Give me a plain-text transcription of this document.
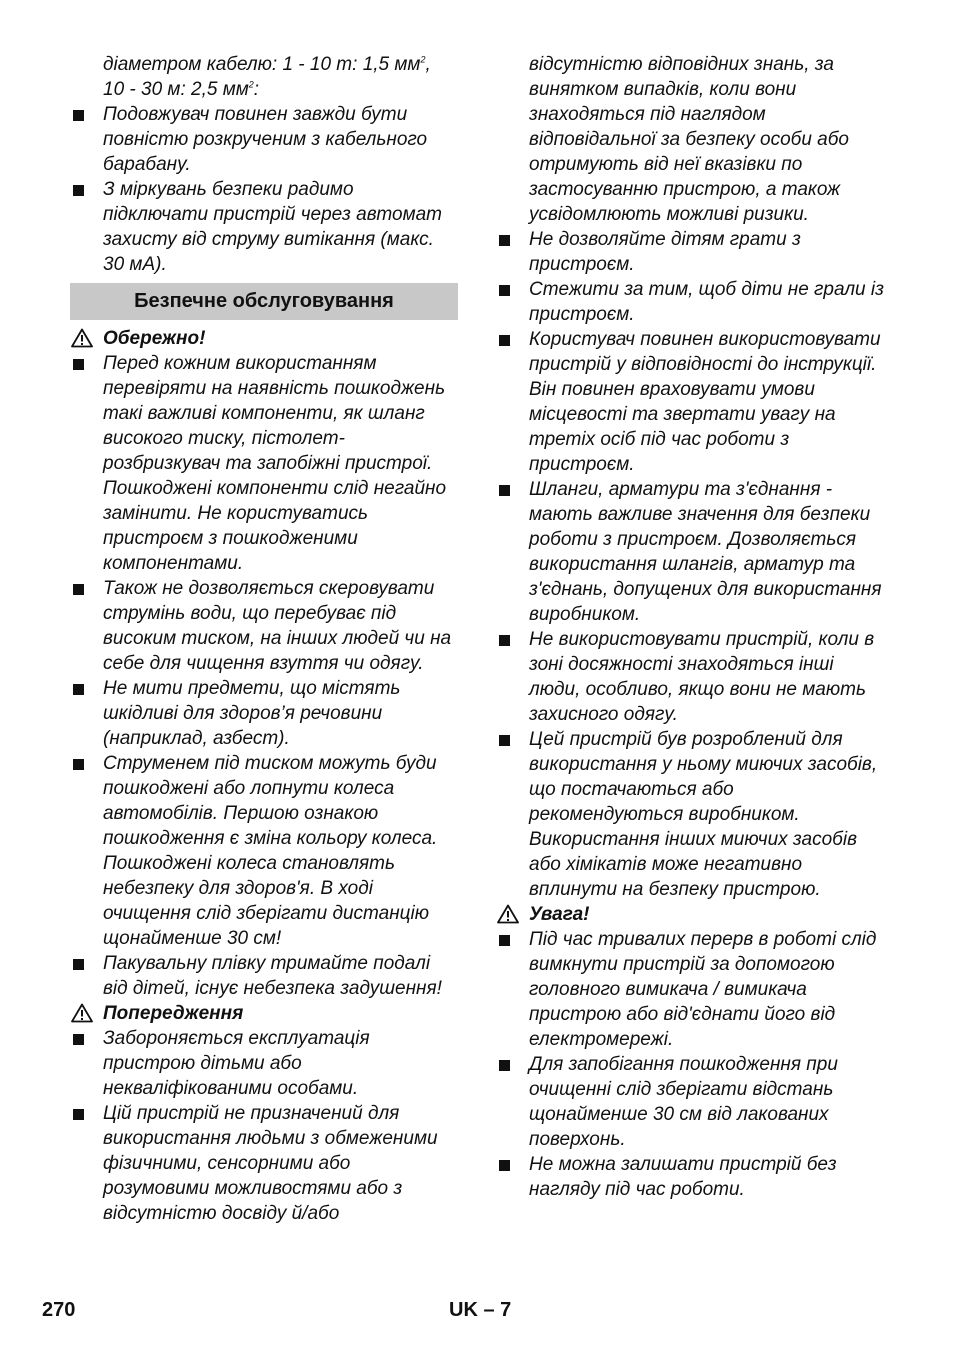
діаметром кабелю: 1 - 10 m: 1,5 $мм^2$,
10 - 30 м: 2,5 $мм^2$:

Подовжувач повинен завжди бути повністю розкрученим з кабельного барабану.

З міркувань безпеки радимо підключати пристрій через автомат захисту від струму витікання (макс. 30 мА).

Безпечне обслуговування
Обережно!

Перед кожним використанням перевіряти на наявність пошкоджень такі важливі компоненти, як шланг високого тиску, пістолет-розбризкувач та запобіжні пристрої. Пошкоджені компоненти слід негайно замінити. Не користуватись пристроєм з пошкодженими компонентами.

Також не дозволяється скеровувати струмінь води, що перебуває під високим тиском, на інших людей чи на себе для чищення взуття чи одягу.

Не мити предмети, що містять шкідливі для здоров’я речовини (наприклад, азбест).

Струменем під тиском можуть буди пошкоджені або лопнути колеса автомобілів. Першою ознакою пошкодження є зміна кольору колеса. Пошкоджені колеса становлять небезпеку для здоров'я. В ході очищення слід зберігати дистанцію щонайменше 30 см!

Пакувальну плівку тримайте подалі від дітей, існує небезпека задушення!

Попередження

Забороняється експлуатація пристрою дітьми або некваліфікованими особами.

Цій пристрій не призначений для використання людьми з обмеженими фізичними, сенсорними або розумовими можливостями або з відсутністю досвіду й/або

відсутністю відповідних знань, за винятком випадків, коли вони знаходяться під наглядом відповідальної за безпеку особи або отримують від неї вказівки по застосуванню пристрою, а також усвідомлюють можливі ризики.

Не дозволяйте дітям грати з пристроєм.

Стежити за тим, щоб діти не грали із пристроєм.

Користувач повинен використовувати пристрій у відповідності до інструкції. Він повинен враховувати умови місцевості та звертати увагу на третіх осіб під час роботи з пристроєм.

Шланги, арматури та з'єднання - мають важливе значення для безпеки роботи з пристроєм. Дозволяється використання шлангів, арматур та з'єднань, допущених для використання виробником.

Не використовувати пристрій, коли в зоні досяжності знаходяться інші люди, особливо, якщо вони не мають захисного одягу.

Цей пристрій був розроблений для використання у ньому миючих засобів, що постачаються або рекомендуються виробником. Використання інших миючих засобів або хімікатів може негативно вплинути на безпеку пристрою.

Увага!

Під час тривалих перерв в роботі слід вимкнути пристрій за допомогою головного вимикача / вимикача пристрою або від'єднати його від електромережі.

Для запобігання пошкодження при очищенні слід зберігати відстань щонайменше 30 см від лакованих поверхонь.

Не можна залишати пристрій без нагляду під час роботи.

270	UK – 7
